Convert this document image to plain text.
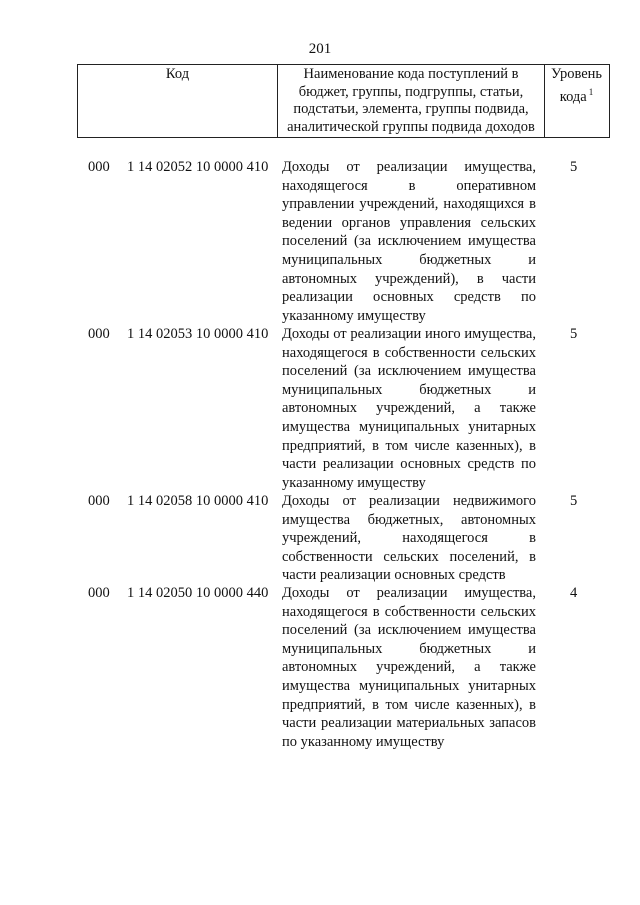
201
Код	Наименование кода поступлений в
бюджет, группы, подгруппы, статьи,
подстатьи, элемента, группы подвида,
аналитической группы подвида доходов
Уровень
кода $^1$
000 1 14 02052 10 0000 410 Доходы от реализации имущества,
находящегося в оперативном
управлении учреждений, находящихся в
ведении органов управления сельских
поселений (за исключением имущества
муниципальных бюджетных и
автономных учреждений), в части
реализации основных средств по
указанному имуществу
5
000 1 14 02053 10 0000 410 Доходы от реализации иного имущества,
находящегося в собственности сельских
поселений (за исключением имущества
муниципальных бюджетных и
автономных учреждений, а также
имущества муниципальных унитарных
предприятий, в том числе казенных), в
части реализации основных средств по
указанному имуществу
5
000 1 14 02058 10 0000 410 Доходы от реализации недвижимого
имущества бюджетных, автономных
учреждений, находящегося в
собственности сельских поселений, в
части реализации основных средств
5
000 1 14 02050 10 0000 440 Доходы от реализации имущества,
находящегося в собственности сельских
поселений (за исключением имущества
муниципальных бюджетных и
автономных учреждений, а также
имущества муниципальных унитарных
предприятий, в том числе казенных), в
части реализации материальных запасов
по указанному имуществу
4
